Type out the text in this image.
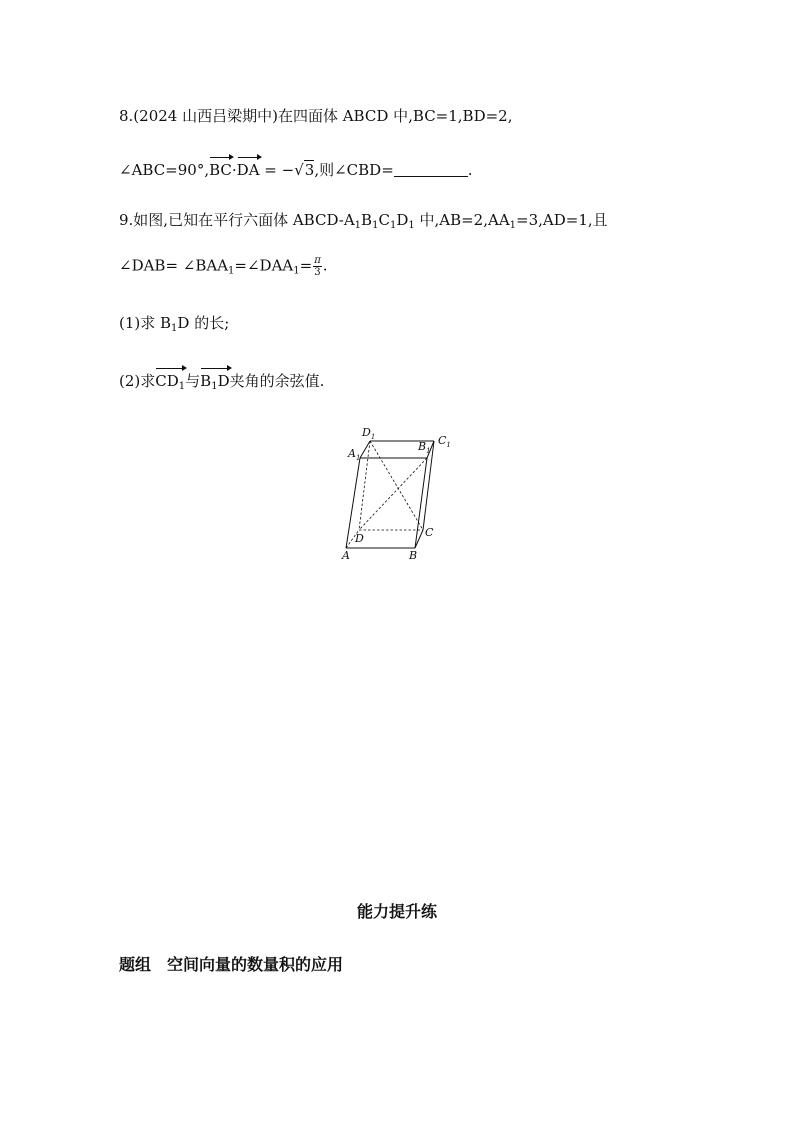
8.(2024 山西吕梁期中)在四面体 ABCD 中,BC=1,BD=2,
∠ABC=90°,BC·DA = −√3,则∠CBD=	.
9.如图,已知在平行六面体 ABCD-$A_1B_1C_1D_1$ 中$,AB=2,AA_1=3,AD=1$,且
∠DAB= $\angle BAA_1=\angle DAA_1= \frac{\pi}{3}$ .
(1)求 $B_1D$ 的长;
(2)求$CD_1$与$B_1D$夹角的余弦值.
$D_1$
$B_1$
$C_1$
$A_1$
D	C
A	B
能力提升练
题组　空间向量的数量积的应用
